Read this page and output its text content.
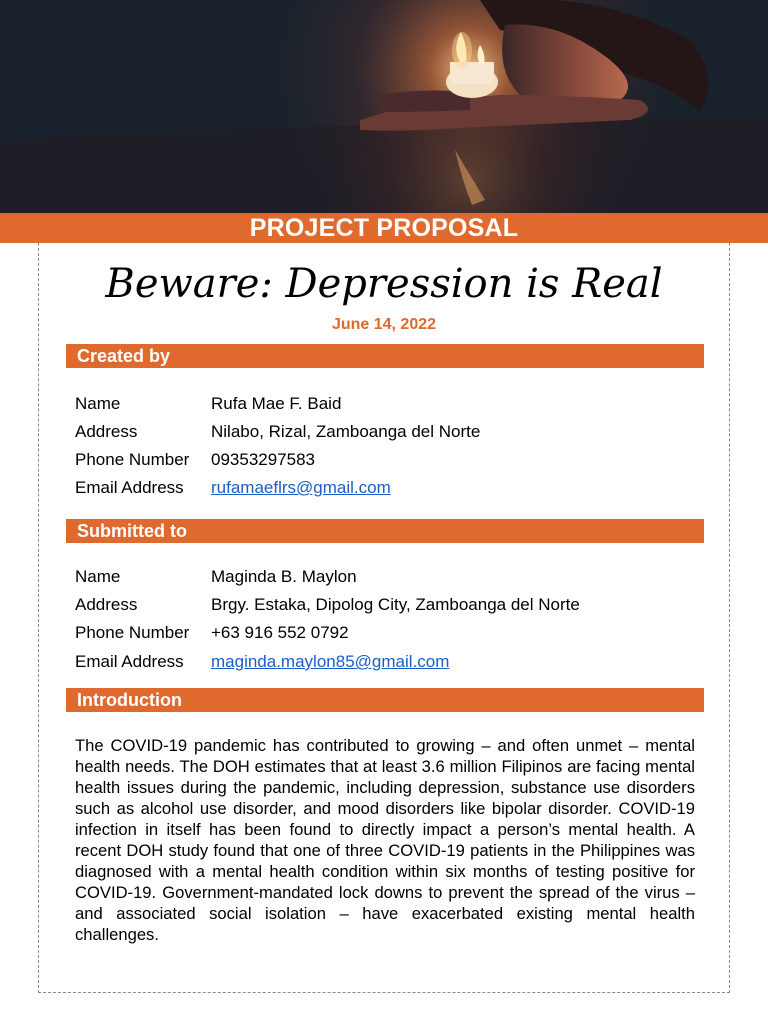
PROJECT PROPOSAL
Beware: Depression is Real
June 14, 2022
Created by
Name	Rufa Mae F. Baid
Address	Nilabo, Rizal, Zamboanga del Norte
Phone Number 09353297583
Email Address rufamaeflrs@gmail.com
Submitted to
Name	Maginda B. Maylon
Address	Brgy. Estaka, Dipolog City, Zamboanga del Norte
Phone Number +63 916 552 0792
Email Address maginda.maylon85@gmail.com
Introduction

The COVID-19 pandemic has contributed to growing – and often unmet – mental health needs. The DOH estimates that at least 3.6 million Filipinos are facing mental health issues during the pandemic, including depression, substance use disorders such as alcohol use disorder, and mood disorders like bipolar disorder. COVID-19 infection in itself has been found to directly impact a person’s mental health. A recent DOH study found that one of three COVID-19 patients in the Philippines was diagnosed with a mental health condition within six months of testing positive for COVID-19. Government-mandated lock downs to prevent the spread of the virus – and associated social isolation – have exacerbated existing mental health challenges.
